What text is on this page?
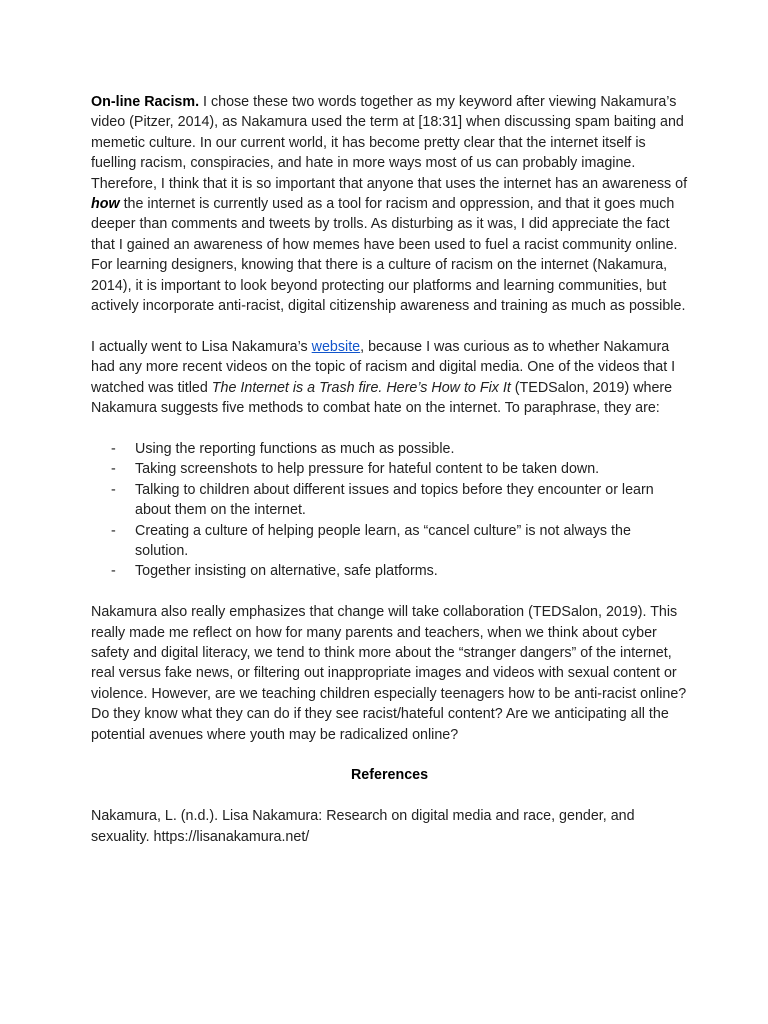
On-line Racism. I chose these two words together as my keyword after viewing Nakamura’s video (Pitzer, 2014), as Nakamura used the term at [18:31] when discussing spam baiting and memetic culture. In our current world, it has become pretty clear that the internet itself is fuelling racism, conspiracies, and hate in more ways most of us can probably imagine. Therefore, I think that it is so important that anyone that uses the internet has an awareness of how the internet is currently used as a tool for racism and oppression, and that it goes much deeper than comments and tweets by trolls. As disturbing as it was, I did appreciate the fact that I gained an awareness of how memes have been used to fuel a racist community online. For learning designers, knowing that there is a culture of racism on the internet (Nakamura, 2014), it is important to look beyond protecting our platforms and learning communities, but actively incorporate anti-racist, digital citizenship awareness and training as much as possible.

I actually went to Lisa Nakamura’s website, because I was curious as to whether Nakamura had any more recent videos on the topic of racism and digital media. One of the videos that I watched was titled The Internet is a Trash fire. Here’s How to Fix It (TEDSalon, 2019) where Nakamura suggests five methods to combat hate on the internet. To paraphrase, they are:

- Using the reporting functions as much as possible.
- Taking screenshots to help pressure for hateful content to be taken down.
- Talking to children about different issues and topics before they encounter or learn about them on the internet.
- Creating a culture of helping people learn, as “cancel culture” is not always the solution.
- Together insisting on alternative, safe platforms.

Nakamura also really emphasizes that change will take collaboration (TEDSalon, 2019). This really made me reflect on how for many parents and teachers, when we think about cyber safety and digital literacy, we tend to think more about the “stranger dangers” of the internet, real versus fake news, or filtering out inappropriate images and videos with sexual content or violence. However, are we teaching children especially teenagers how to be anti-racist online? Do they know what they can do if they see racist/hateful content? Are we anticipating all the potential avenues where youth may be radicalized online?

References

Nakamura, L. (n.d.). Lisa Nakamura: Research on digital media and race, gender, and sexuality. https://lisanakamura.net/
